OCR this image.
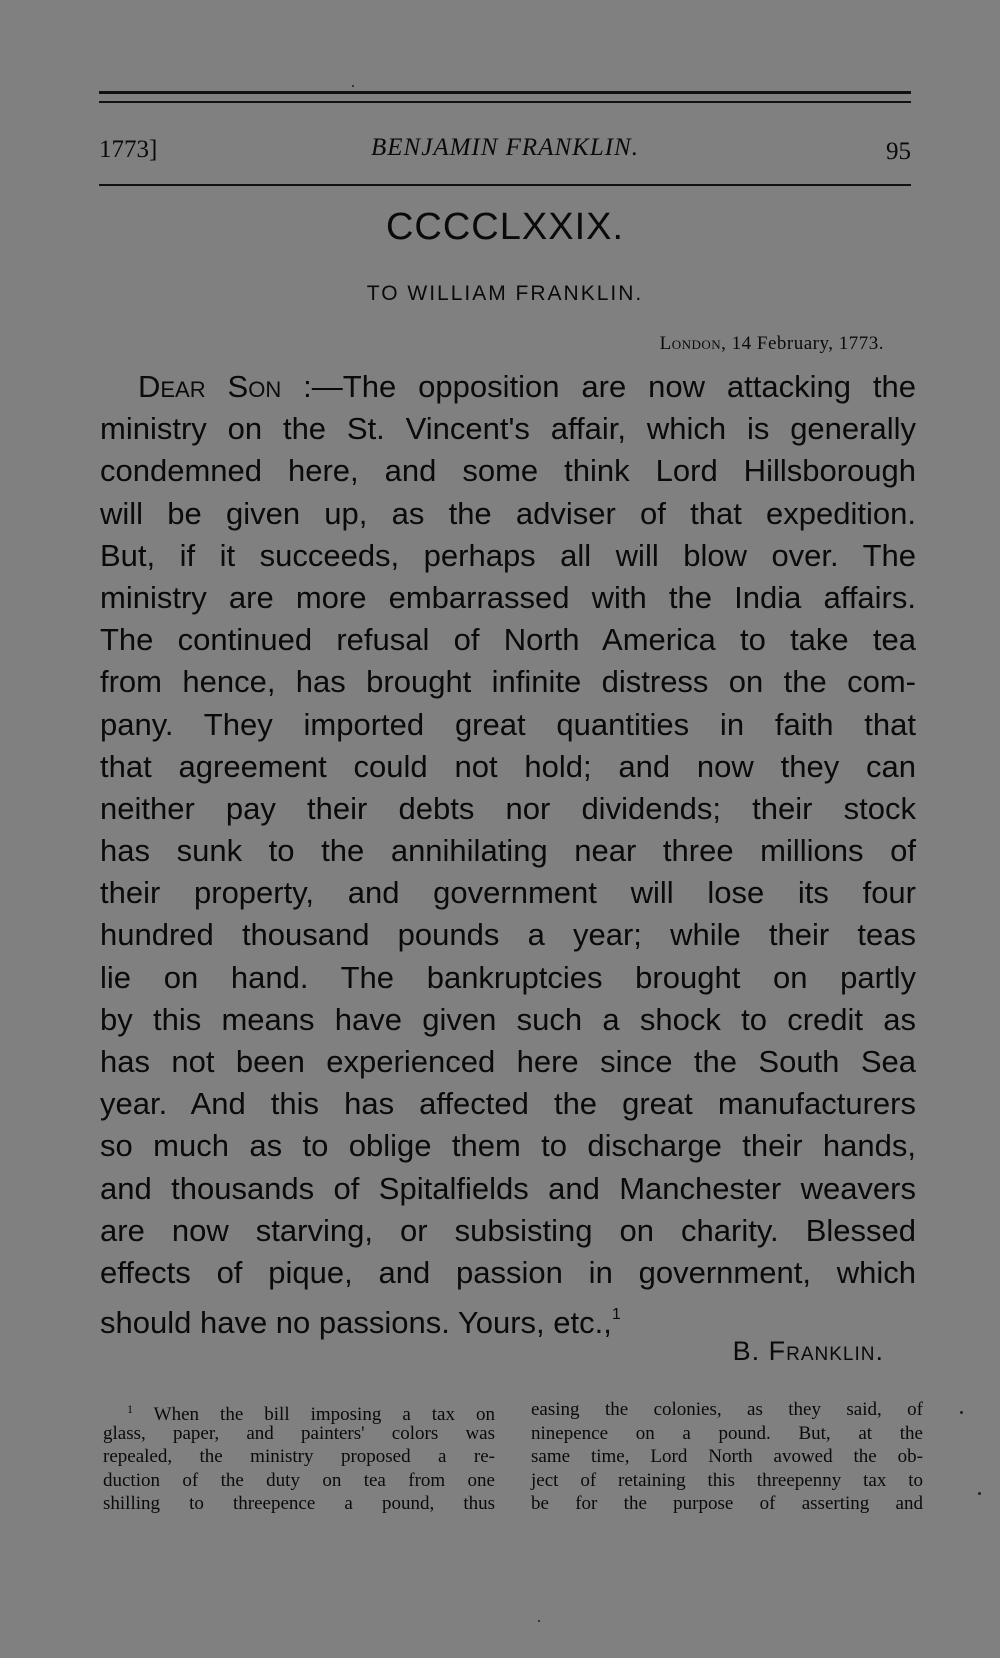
1773]	BENJAMIN FRANKLIN.	95
CCCCLXXIX.
TO WILLIAM FRANKLIN.
London, 14 February, 1773.
Dear Son :—The opposition are now attacking the
ministry on the St. Vincent's affair, which is generally
condemned here, and some think Lord Hillsborough
will be given up, as the adviser of that expedition.
But, if it succeeds, perhaps all will blow over. The
ministry are more embarrassed with the India affairs.
The continued refusal of North America to take tea
from hence, has brought infinite distress on the com-
pany. They imported great quantities in faith that
that agreement could not hold; and now they can
neither pay their debts nor dividends; their stock
has sunk to the annihilating near three millions of
their property, and government will lose its four
hundred thousand pounds a year; while their teas
lie on hand. The bankruptcies brought on partly
by this means have given such a shock to credit as
has not been experienced here since the South Sea
year. And this has affected the great manufacturers
so much as to oblige them to discharge their hands,
and thousands of Spitalfields and Manchester weavers
are now starving, or subsisting on charity. Blessed
effects of pique, and passion in government, which
should have no passions. Yours, etc.,$^1$
B. Franklin.
$^1$ When the bill imposing a tax on
glass, paper, and painters' colors was
repealed, the ministry proposed a re-
duction of the duty on tea from one
shilling to threepence a pound, thus
easing the colonies, as they said, of
ninepence on a pound. But, at the
same time, Lord North avowed the ob-
ject of retaining this threepenny tax to
be for the purpose of asserting and
